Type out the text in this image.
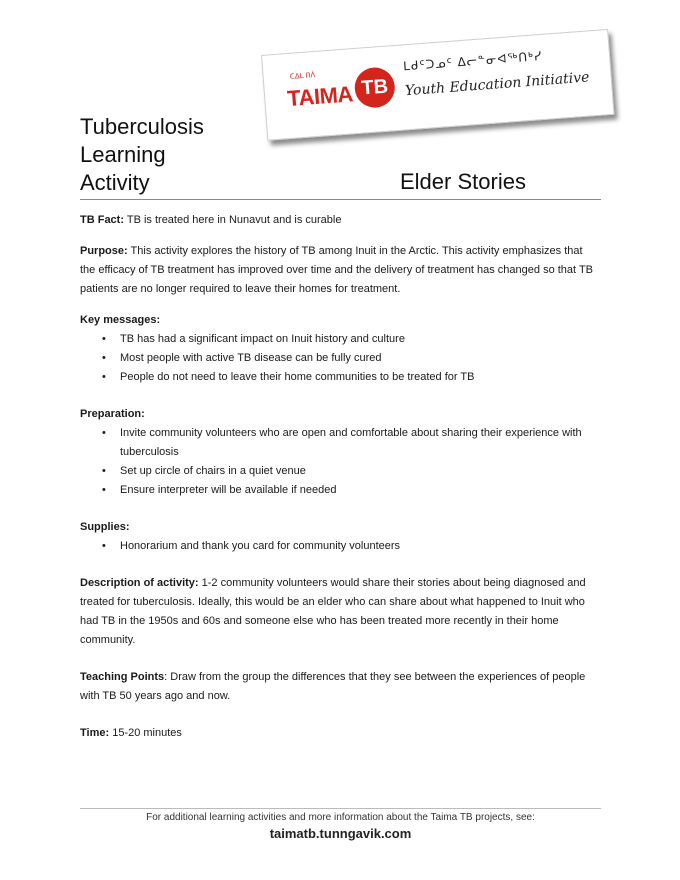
ᑕᐃᒪ ᑎᐲ
TAIMA TB
ᒪᑯᑦᑐᓄᑦ ᐃᓕᓐᓂᐊᖅᑎᒃᓯ
Youth Education Initiative
Tuberculosis
Learning
Activity	Elder Stories

TB Fact: TB is treated here in Nunavut and is curable

Purpose: This activity explores the history of TB among Inuit in the Arctic. This activity emphasizes that the efficacy of TB treatment has improved over time and the delivery of treatment has changed so that TB patients are no longer required to leave their homes for treatment.

Key messages:

• TB has had a significant impact on Inuit history and culture
• Most people with active TB disease can be fully cured
• People do not need to leave their home communities to be treated for TB

Preparation:

• Invite community volunteers who are open and comfortable about sharing their experience with tuberculosis
• Set up circle of chairs in a quiet venue
• Ensure interpreter will be available if needed

Supplies:

• Honorarium and thank you card for community volunteers

Description of activity: 1-2 community volunteers would share their stories about being diagnosed and treated for tuberculosis. Ideally, this would be an elder who can share about what happened to Inuit who had TB in the 1950s and 60s and someone else who has been treated more recently in their home community.

Teaching Points: Draw from the group the differences that they see between the experiences of people with TB 50 years ago and now.

Time: 15-20 minutes

For additional learning activities and more information about the Taima TB projects, see:
taimatb.tunngavik.com
